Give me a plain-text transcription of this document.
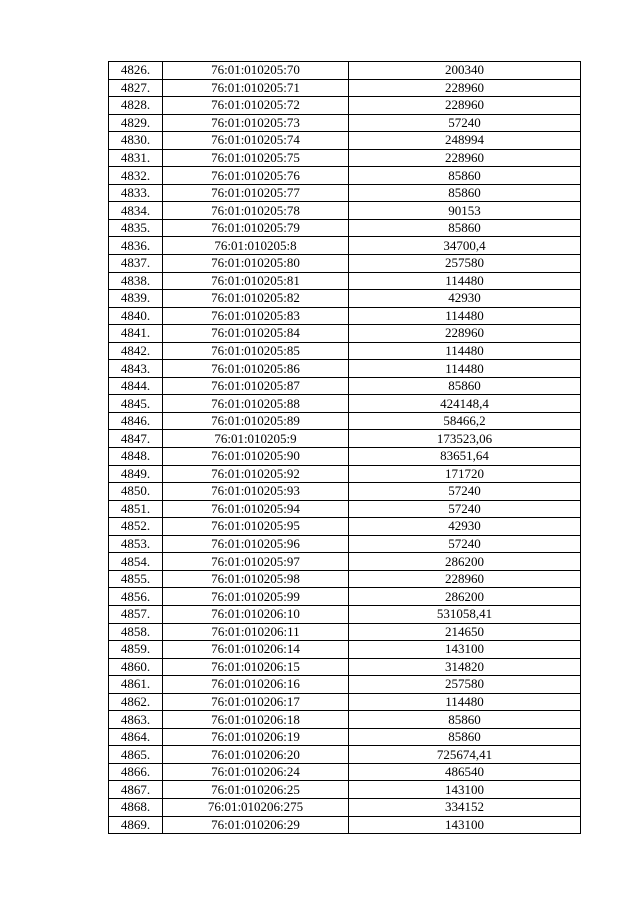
4826.	76:01:010205:70	200340
4827.	76:01:010205:71	228960
4828.	76:01:010205:72	228960
4829.	76:01:010205:73	57240
4830.	76:01:010205:74	248994
4831.	76:01:010205:75	228960
4832.	76:01:010205:76	85860
4833.	76:01:010205:77	85860
4834.	76:01:010205:78	90153
4835.	76:01:010205:79	85860
4836.	76:01:010205:8	34700,4
4837.	76:01:010205:80	257580
4838.	76:01:010205:81	114480
4839.	76:01:010205:82	42930
4840.	76:01:010205:83	114480
4841.	76:01:010205:84	228960
4842.	76:01:010205:85	114480
4843.	76:01:010205:86	114480
4844.	76:01:010205:87	85860
4845.	76:01:010205:88	424148,4
4846.	76:01:010205:89	58466,2
4847.	76:01:010205:9	173523,06
4848.	76:01:010205:90	83651,64
4849.	76:01:010205:92	171720
4850.	76:01:010205:93	57240
4851.	76:01:010205:94	57240
4852.	76:01:010205:95	42930
4853.	76:01:010205:96	57240
4854.	76:01:010205:97	286200
4855.	76:01:010205:98	228960
4856.	76:01:010205:99	286200
4857.	76:01:010206:10	531058,41
4858.	76:01:010206:11	214650
4859.	76:01:010206:14	143100
4860.	76:01:010206:15	314820
4861.	76:01:010206:16	257580
4862.	76:01:010206:17	114480
4863.	76:01:010206:18	85860
4864.	76:01:010206:19	85860
4865.	76:01:010206:20	725674,41
4866.	76:01:010206:24	486540
4867.	76:01:010206:25	143100
4868.	76:01:010206:275	334152
4869.	76:01:010206:29	143100
